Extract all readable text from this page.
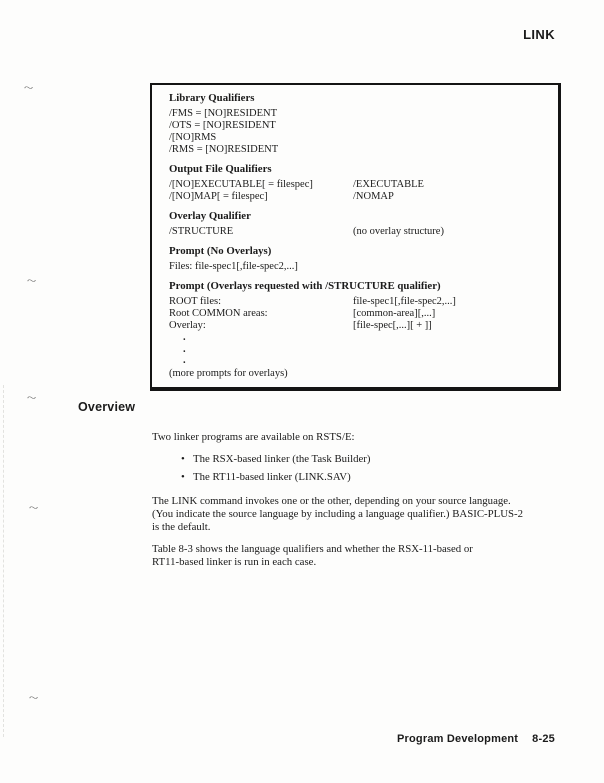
LINK
~
~
~
~
~
Library Qualifiers
/FMS = [NO]RESIDENT
/OTS = [NO]RESIDENT
/[NO]RMS
/RMS = [NO]RESIDENT
Output File Qualifiers
/[NO]EXECUTABLE[ = filespec]	/EXECUTABLE
/[NO]MAP[ = filespec]	/NOMAP
Overlay Qualifier
/STRUCTURE	(no overlay structure)
Prompt (No Overlays)
Files: file-spec1[,file-spec2,...]
Prompt (Overlays requested with /STRUCTURE qualifier)
ROOT files:	file-spec1[,file-spec2,...]
Root COMMON areas:	[common-area][,...]
Overlay:	[file-spec[,...][ + ]]
.
.
.
(more prompts for overlays)
Overview
Two linker programs are available on RSTS/E:
• The RSX-based linker (the Task Builder)
• The RT11-based linker (LINK.SAV)
The LINK command invokes one or the other, depending on your source language.
(You indicate the source language by including a language qualifier.) BASIC-PLUS-2
is the default.
Table 8-3 shows the language qualifiers and whether the RSX-11-based or
RT11-based linker is run in each case.
Program Development 8-25
